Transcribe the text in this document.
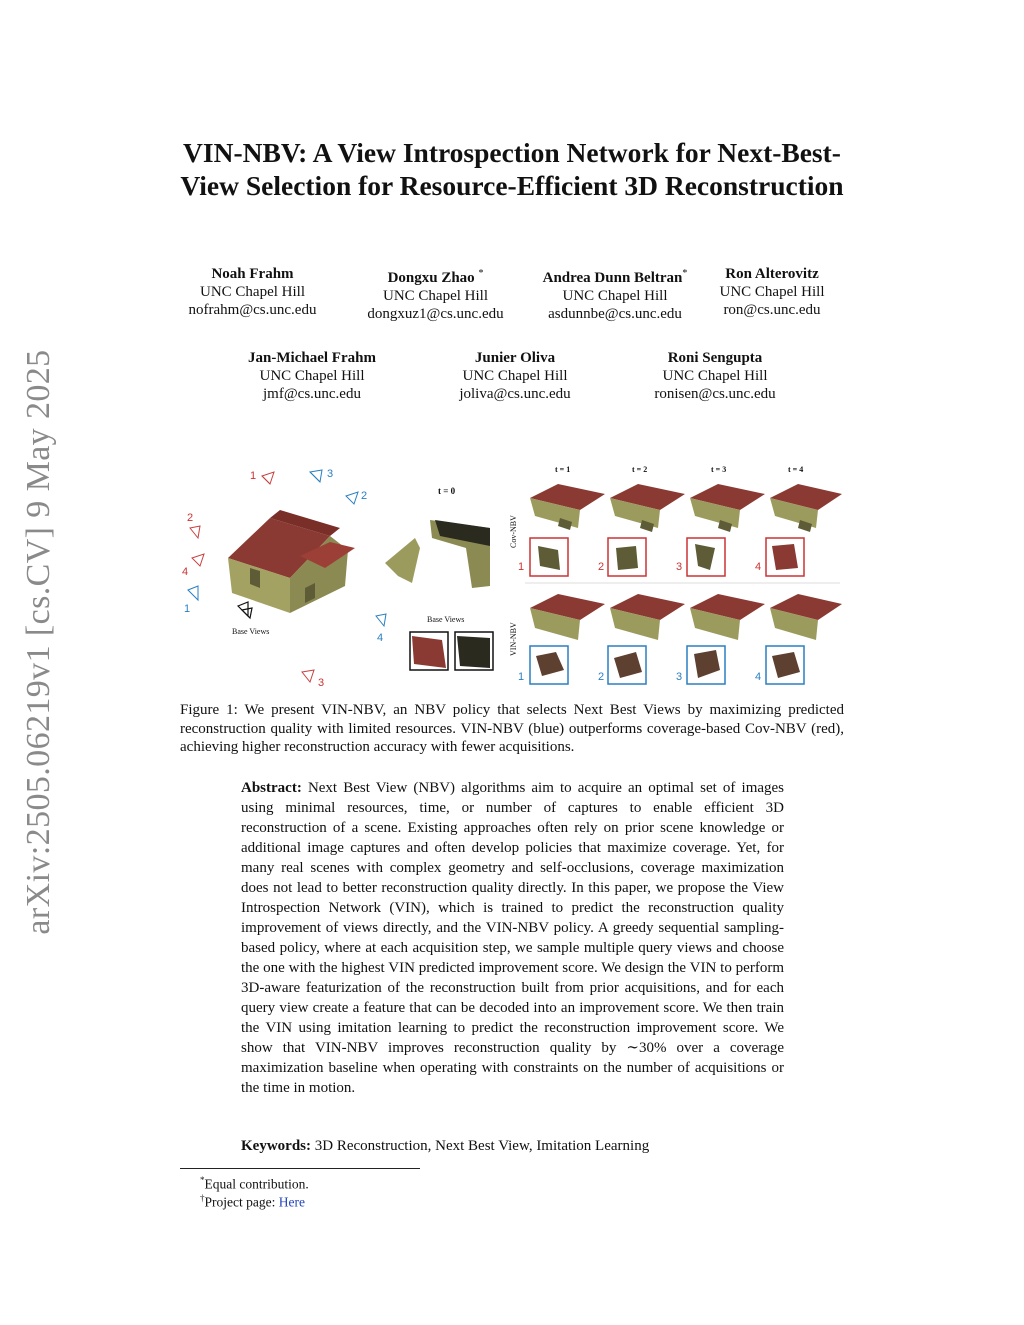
arXiv:2505.06219v1 [cs.CV] 9 May 2025
VIN-NBV: A View Introspection Network for Next-Best-View Selection for Resource-Efficient 3D Reconstruction
Noah Frahm
UNC Chapel Hill
nofrahm@cs.unc.edu
Dongxu Zhao *
UNC Chapel Hill
dongxuz1@cs.unc.edu
Andrea Dunn Beltran*
UNC Chapel Hill
asdunnbe@cs.unc.edu
Ron Alterovitz
UNC Chapel Hill
ron@cs.unc.edu
Jan-Michael Frahm
UNC Chapel Hill
jmf@cs.unc.edu
Junier Oliva
UNC Chapel Hill
joliva@cs.unc.edu
Roni Sengupta
UNC Chapel Hill
ronisen@cs.unc.edu
1	3
2
2
4
1
Base Views
4
3
t = 0
Base Views
t = 1	t = 2	t = 3	t = 4
Cov-NBV
VIN-NBV
1	2	3	4
1	2	3	4
Figure 1: We present VIN-NBV, an NBV policy that selects Next Best Views by maximizing predicted reconstruction quality with limited resources. VIN-NBV (blue) outperforms coverage-based Cov-NBV (red), achieving higher reconstruction accuracy with fewer acquisitions.
Abstract: Next Best View (NBV) algorithms aim to acquire an optimal set of images using minimal resources, time, or number of captures to enable efficient 3D reconstruction of a scene. Existing approaches often rely on prior scene knowledge or additional image captures and often develop policies that maximize coverage. Yet, for many real scenes with complex geometry and self-occlusions, coverage maximization does not lead to better reconstruction quality directly. In this paper, we propose the View Introspection Network (VIN), which is trained to predict the reconstruction quality improvement of views directly, and the VIN-NBV policy. A greedy sequential sampling-based policy, where at each acquisition step, we sample multiple query views and choose the one with the highest VIN predicted improvement score. We design the VIN to perform 3D-aware featurization of the reconstruction built from prior acquisitions, and for each query view create a feature that can be decoded into an improvement score. We then train the VIN using imitation learning to predict the reconstruction improvement score. We show that VIN-NBV improves reconstruction quality by ∼30% over a coverage maximization baseline when operating with constraints on the number of acquisitions or the time in motion.
Keywords: 3D Reconstruction, Next Best View, Imitation Learning
*Equal contribution.
†Project page: Here
